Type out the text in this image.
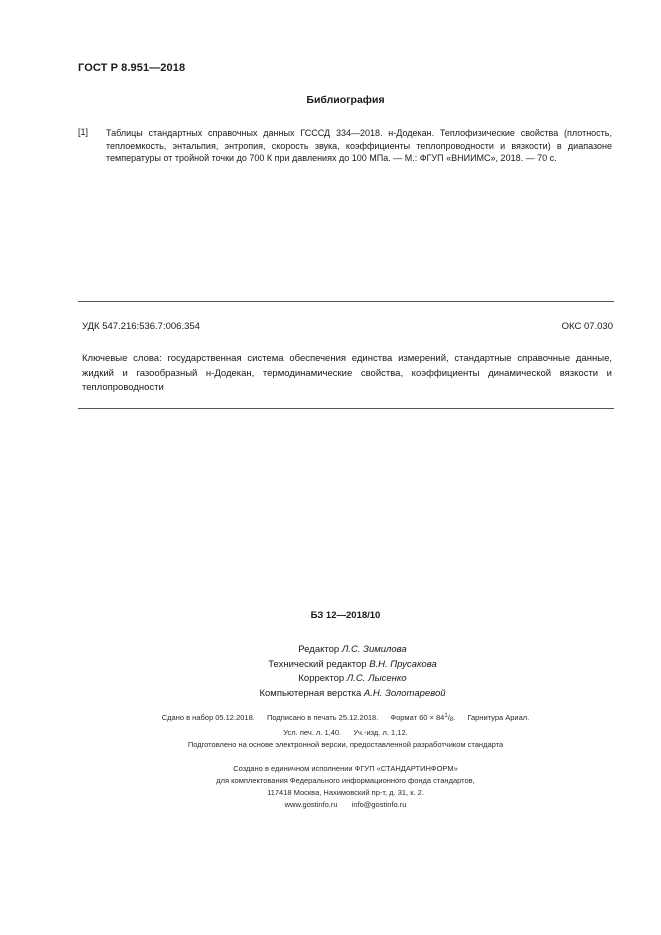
ГОСТ Р 8.951—2018
Библиография
[1] Таблицы стандартных справочных данных ГСССД 334—2018. н-Додекан. Теплофизические свойства (плотность, теплоемкость, энтальпия, энтропия, скорость звука, коэффициенты теплопроводности и вязкости) в диапазоне температуры от тройной точки до 700 К при давлениях до 100 МПа. — М.: ФГУП «ВНИИМС», 2018. — 70 с.
УДК 547.216:536.7:006.354	ОКС 07.030
Ключевые слова: государственная система обеспечения единства измерений, стандартные справочные данные, жидкий и газообразный н-Додекан, термодинамические свойства, коэффициенты динамической вязкости и теплопроводности
БЗ 12—2018/10
Редактор Л.С. Зимилова
Технический редактор В.Н. Прусакова
Корректор Л.С. Лысенко
Компьютерная верстка А.Н. Золотаревой
Сдано в набор 05.12.2018. Подписано в печать 25.12.2018. Формат $60 \times 84^1/_8$. Гарнитура Ариал.
Усл. печ. л. 1,40. Уч.-изд. л. 1,12.
Подготовлено на основе электронной версии, предоставленной разработчиком стандарта
Создано в единичном исполнении ФГУП «СТАНДАРТИНФОРМ»
для комплектования Федерального информационного фонда стандартов,
117418 Москва, Нахимовский пр-т, д. 31, к. 2.
www.gostinfo.ru info@gostinfo.ru
